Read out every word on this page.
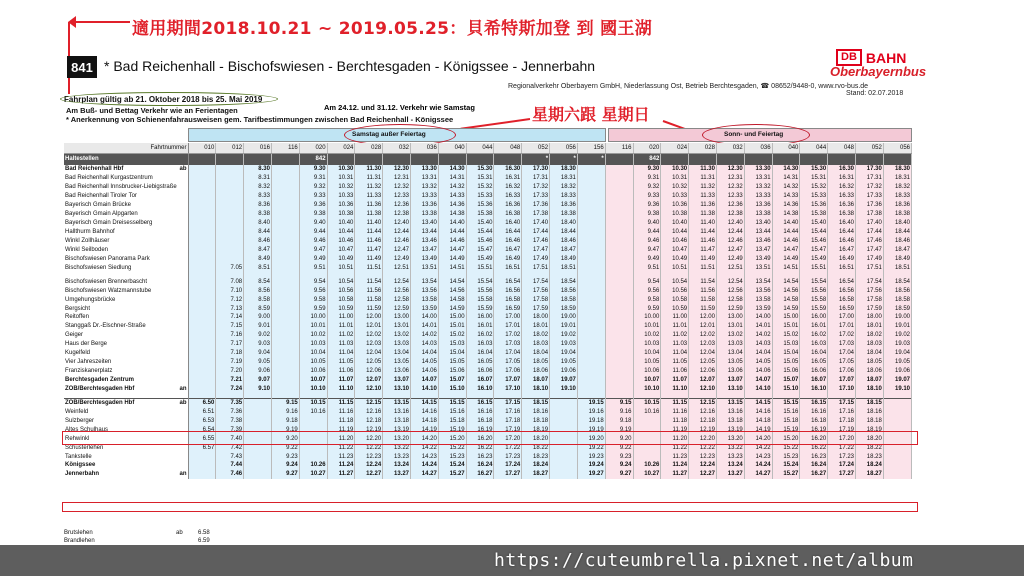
適用期間2018.10.21 ~ 2019.05.25：貝希特斯加登 到 國王湖
841 * Bad Reichenhall - Bischofswiesen - Berchtesgaden - Königssee - Jennerbahn
DB BAHN
Oberbayernbus
Regionalverkehr Oberbayern GmbH, Niederlassung Ost, Betrieb Berchtesgaden, ☎ 08652/9448-0, www.rvo-bus.de
Stand: 02.07.2018
Fahrplan gültig ab 21. Oktober 2018 bis 25. Mai 2019
Am Buß- und Bettag Verkehr wie an Ferientagen
* Anerkennung von Schienenfahrausweisen gem. Tarifbestimmungen zwischen Bad Reichenhall - Königssee
Am 24.12. und 31.12. Verkehr wie Samstag	星期六跟 星期日
Samstag außer Feiertag	Sonn- und Feiertag
Fahrtnummer	010	012	016	116	020	024	028	032	036	040	044	048	052	056	156	116	020	024	028	032	036	040	044	048	052	056
Haltestellen					842								*	*	*		842									
Bad Reichenhall Hbf ab			8.30		9.30	10.30	11.30	12.30	13.30	14.30	15.30	16.30	17.30	18.30			9.30	10.30	11.30	12.30	13.30	14.30	15.30	16.30	17.30	18.30
Bad Reichenhall Kurgastzentrum			8.31		9.31	10.31	11.31	12.31	13.31	14.31	15.31	16.31	17.31	18.31			9.31	10.31	11.31	12.31	13.31	14.31	15.31	16.31	17.31	18.31
Bad Reichenhall Innsbrucker-Liebigstraße			8.32		9.32	10.32	11.32	12.32	13.32	14.32	15.32	16.32	17.32	18.32			9.32	10.32	11.32	12.32	13.32	14.32	15.32	16.32	17.32	18.32
Bad Reichenhall Tiroler Tor			8.33		9.33	10.33	11.33	12.33	13.33	14.33	15.33	16.33	17.33	18.33			9.33	10.33	11.33	12.33	13.33	14.33	15.33	16.33	17.33	18.33
Bayerisch Gmain Brücke			8.36		9.36	10.36	11.36	12.36	13.36	14.36	15.36	16.36	17.36	18.36			9.36	10.36	11.36	12.36	13.36	14.36	15.36	16.36	17.36	18.36
Bayerisch Gmain Alpgarten			8.38		9.38	10.38	11.38	12.38	13.38	14.38	15.38	16.38	17.38	18.38			9.38	10.38	11.38	12.38	13.38	14.38	15.38	16.38	17.38	18.38
Bayerisch Gmain Dreisesselberg			8.40		9.40	10.40	11.40	12.40	13.40	14.40	15.40	16.40	17.40	18.40			9.40	10.40	11.40	12.40	13.40	14.40	15.40	16.40	17.40	18.40
Hallthurm Bahnhof			8.44		9.44	10.44	11.44	12.44	13.44	14.44	15.44	16.44	17.44	18.44			9.44	10.44	11.44	12.44	13.44	14.44	15.44	16.44	17.44	18.44
Winkl Zollhäuser			8.46		9.46	10.46	11.46	12.46	13.46	14.46	15.46	16.46	17.46	18.46			9.46	10.46	11.46	12.46	13.46	14.46	15.46	16.46	17.46	18.46
Winkl Seilboden			8.47		9.47	10.47	11.47	12.47	13.47	14.47	15.47	16.47	17.47	18.47			9.47	10.47	11.47	12.47	13.47	14.47	15.47	16.47	17.47	18.47
Bischofswiesen Panorama Park			8.49		9.49	10.49	11.49	12.49	13.49	14.49	15.49	16.49	17.49	18.49			9.49	10.49	11.49	12.49	13.49	14.49	15.49	16.49	17.49	18.49
Bischofswiesen Siedlung		7.05	8.51		9.51	10.51	11.51	12.51	13.51	14.51	15.51	16.51	17.51	18.51			9.51	10.51	11.51	12.51	13.51	14.51	15.51	16.51	17.51	18.51

Bischofswiesen Brennerbascht		7.08	8.54		9.54	10.54	11.54	12.54	13.54	14.54	15.54	16.54	17.54	18.54			9.54	10.54	11.54	12.54	13.54	14.54	15.54	16.54	17.54	18.54
Bischofswiesen Watzmannstube		7.10	8.56		9.56	10.56	11.56	12.56	13.56	14.56	15.56	16.56	17.56	18.56			9.56	10.56	11.56	12.56	13.56	14.56	15.56	16.56	17.56	18.56
Umgehungsbrücke		7.12	8.58		9.58	10.58	11.58	12.58	13.58	14.58	15.58	16.58	17.58	18.58			9.58	10.58	11.58	12.58	13.58	14.58	15.58	16.58	17.58	18.58
Bergsicht		7.13	8.59		9.59	10.59	11.59	12.59	13.59	14.59	15.59	16.59	17.59	18.59			9.59	10.59	11.59	12.59	13.59	14.59	15.59	16.59	17.59	18.59
Reitoffen		7.14	9.00		10.00	11.00	12.00	13.00	14.00	15.00	16.00	17.00	18.00	19.00			10.00	11.00	12.00	13.00	14.00	15.00	16.00	17.00	18.00	19.00
Stanggaß Dr.-Elschner-Straße		7.15	9.01		10.01	11.01	12.01	13.01	14.01	15.01	16.01	17.01	18.01	19.01			10.01	11.01	12.01	13.01	14.01	15.01	16.01	17.01	18.01	19.01
Geiger		7.16	9.02		10.02	11.02	12.02	13.02	14.02	15.02	16.02	17.02	18.02	19.02			10.02	11.02	12.02	13.02	14.02	15.02	16.02	17.02	18.02	19.02
Haus der Berge		7.17	9.03		10.03	11.03	12.03	13.03	14.03	15.03	16.03	17.03	18.03	19.03			10.03	11.03	12.03	13.03	14.03	15.03	16.03	17.03	18.03	19.03
Kugelfeld		7.18	9.04		10.04	11.04	12.04	13.04	14.04	15.04	16.04	17.04	18.04	19.04			10.04	11.04	12.04	13.04	14.04	15.04	16.04	17.04	18.04	19.04
Vier Jahreszeiten		7.19	9.05		10.05	11.05	12.05	13.05	14.05	15.05	16.05	17.05	18.05	19.05			10.05	11.05	12.05	13.05	14.05	15.05	16.05	17.05	18.05	19.05
Franziskanerplatz		7.20	9.06		10.06	11.06	12.06	13.06	14.06	15.06	16.06	17.06	18.06	19.06			10.06	11.06	12.06	13.06	14.06	15.06	16.06	17.06	18.06	19.06
Berchtesgaden Zentrum		7.21	9.07		10.07	11.07	12.07	13.07	14.07	15.07	16.07	17.07	18.07	19.07			10.07	11.07	12.07	13.07	14.07	15.07	16.07	17.07	18.07	19.07
ZOB/Berchtesgaden Hbf an		7.24	9.10		10.10	11.10	12.10	13.10	14.10	15.10	16.10	17.10	18.10	19.10			10.10	11.10	12.10	13.10	14.10	15.10	16.10	17.10	18.10	19.10

ZOB/Berchtesgaden Hbf ab	6.50	7.35		9.15	10.15	11.15	12.15	13.15	14.15	15.15	16.15	17.15	18.15		19.15	9.15	10.15	11.15	12.15	13.15	14.15	15.15	16.15	17.15	18.15	
Weinfeld	6.51	7.36		9.16	10.16	11.16	12.16	13.16	14.16	15.16	16.16	17.16	18.16		19.16	9.16	10.16	11.16	12.16	13.16	14.16	15.16	16.16	17.16	18.16	
Sulzberger	6.53	7.38		9.18		11.18	12.18	13.18	14.18	15.18	16.18	17.18	18.18		19.18	9.18		11.18	12.18	13.18	14.18	15.18	16.18	17.18	18.18	
Altes Schulhaus	6.54	7.39		9.19		11.19	12.19	13.19	14.19	15.19	16.19	17.19	18.19		19.19	9.19		11.19	12.19	13.19	14.19	15.19	16.19	17.19	18.19	
Rehwinkl	6.55	7.40		9.20		11.20	12.20	13.20	14.20	15.20	16.20	17.20	18.20		19.20	9.20		11.20	12.20	13.20	14.20	15.20	16.20	17.20	18.20	
Schusterlehen	6.57	7.42		9.22		11.22	12.22	13.22	14.22	15.22	16.22	17.22	18.22		19.22	9.22		11.22	12.22	13.22	14.22	15.22	16.22	17.22	18.22	
Tankstelle		7.43		9.23		11.23	12.23	13.23	14.23	15.23	16.23	17.23	18.23		19.23	9.23		11.23	12.23	13.23	14.23	15.23	16.23	17.23	18.23	
Königssee		7.44		9.24	10.26	11.24	12.24	13.24	14.24	15.24	16.24	17.24	18.24		19.24	9.24	10.26	11.24	12.24	13.24	14.24	15.24	16.24	17.24	18.24	
Jennerbahn an		7.46		9.27	10.27	11.27	12.27	13.27	14.27	15.27	16.27	17.27	18.27		19.27	9.27	10.27	11.27	12.27	13.27	14.27	15.27	16.27	17.27	18.27	
Brutslehen	ab	6.58
Brandlehen	6.59
https://cuteumbrella.pixnet.net/album
